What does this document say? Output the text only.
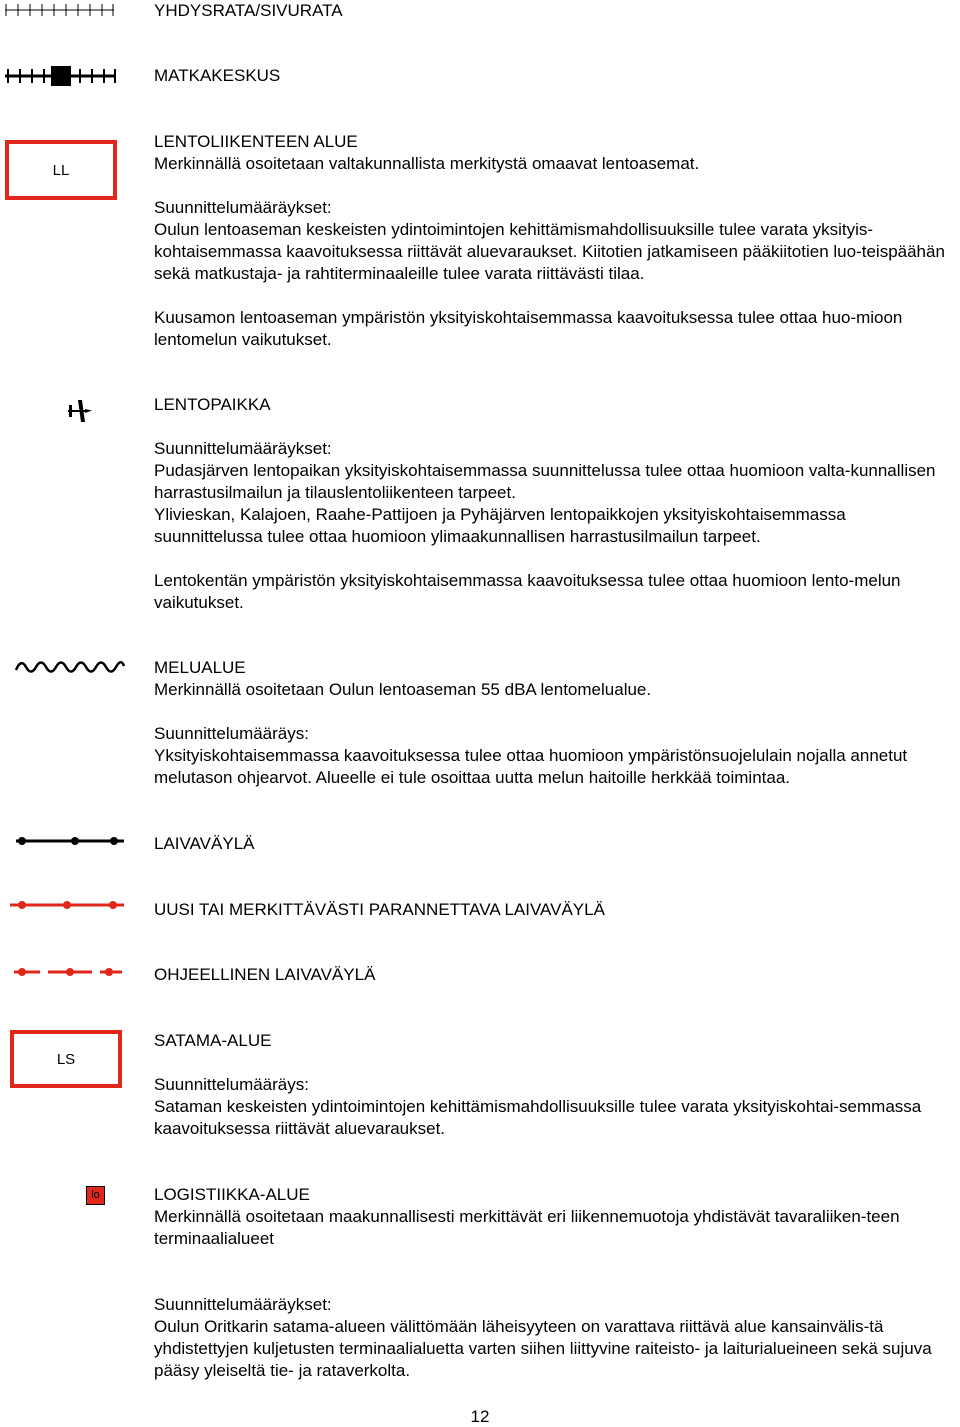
YHDYSRATA/SIVURATA

MATKAKESKUS

LL

LENTOLIIKENTEEN ALUE

Merkinnällä osoitetaan valtakunnallista merkitystä omaavat lentoasemat.

Suunnittelumääräykset:

Oulun lentoaseman keskeisten ydintoimintojen kehittämismahdollisuuksille tulee varata yksityis-kohtaisemmassa kaavoituksessa riittävät aluevaraukset. Kiitotien jatkamiseen pääkiitotien luo-teispäähän sekä matkustaja- ja rahtiterminaaleille tulee varata riittävästi tilaa.

Kuusamon lentoaseman ympäristön yksityiskohtaisemmassa kaavoituksessa tulee ottaa huo-mioon lentomelun vaikutukset.

LENTOPAIKKA

Suunnittelumääräykset:

Pudasjärven lentopaikan yksityiskohtaisemmassa suunnittelussa tulee ottaa huomioon valta-kunnallisen harrastusilmailun ja tilauslentoliikenteen tarpeet.

Ylivieskan, Kalajoen, Raahe-Pattijoen ja Pyhäjärven lentopaikkojen yksityiskohtaisemmassa suunnittelussa tulee ottaa huomioon ylimaakunnallisen harrastusilmailun tarpeet.

Lentokentän ympäristön yksityiskohtaisemmassa kaavoituksessa tulee ottaa huomioon lento-melun vaikutukset.

MELUALUE

Merkinnällä osoitetaan Oulun lentoaseman 55 dBA lentomelualue.

Suunnittelumääräys:

Yksityiskohtaisemmassa kaavoituksessa tulee ottaa huomioon ympäristönsuojelulain nojalla annetut melutason ohjearvot. Alueelle ei tule osoittaa uutta melun haitoille herkkää toimintaa.

LAIVAVÄYLÄ

UUSI TAI MERKITTÄVÄSTI PARANNETTAVA LAIVAVÄYLÄ

OHJEELLINEN LAIVAVÄYLÄ

LS

SATAMA-ALUE

Suunnittelumääräys:

Sataman keskeisten ydintoimintojen kehittämismahdollisuuksille tulee varata yksityiskohtai-semmassa kaavoituksessa riittävät aluevaraukset.

lo	LOGISTIIKKA-ALUE

Merkinnällä osoitetaan maakunnallisesti merkittävät eri liikennemuotoja yhdistävät tavaraliiken-teen terminaalialueet

Suunnittelumääräykset:

Oulun Oritkarin satama-alueen välittömään läheisyyteen on varattava riittävä alue kansainvälis-tä yhdistettyjen kuljetusten terminaalialuetta varten siihen liittyvine raiteisto- ja laiturialueineen sekä sujuva pääsy yleiseltä tie- ja rataverkolta.

12
